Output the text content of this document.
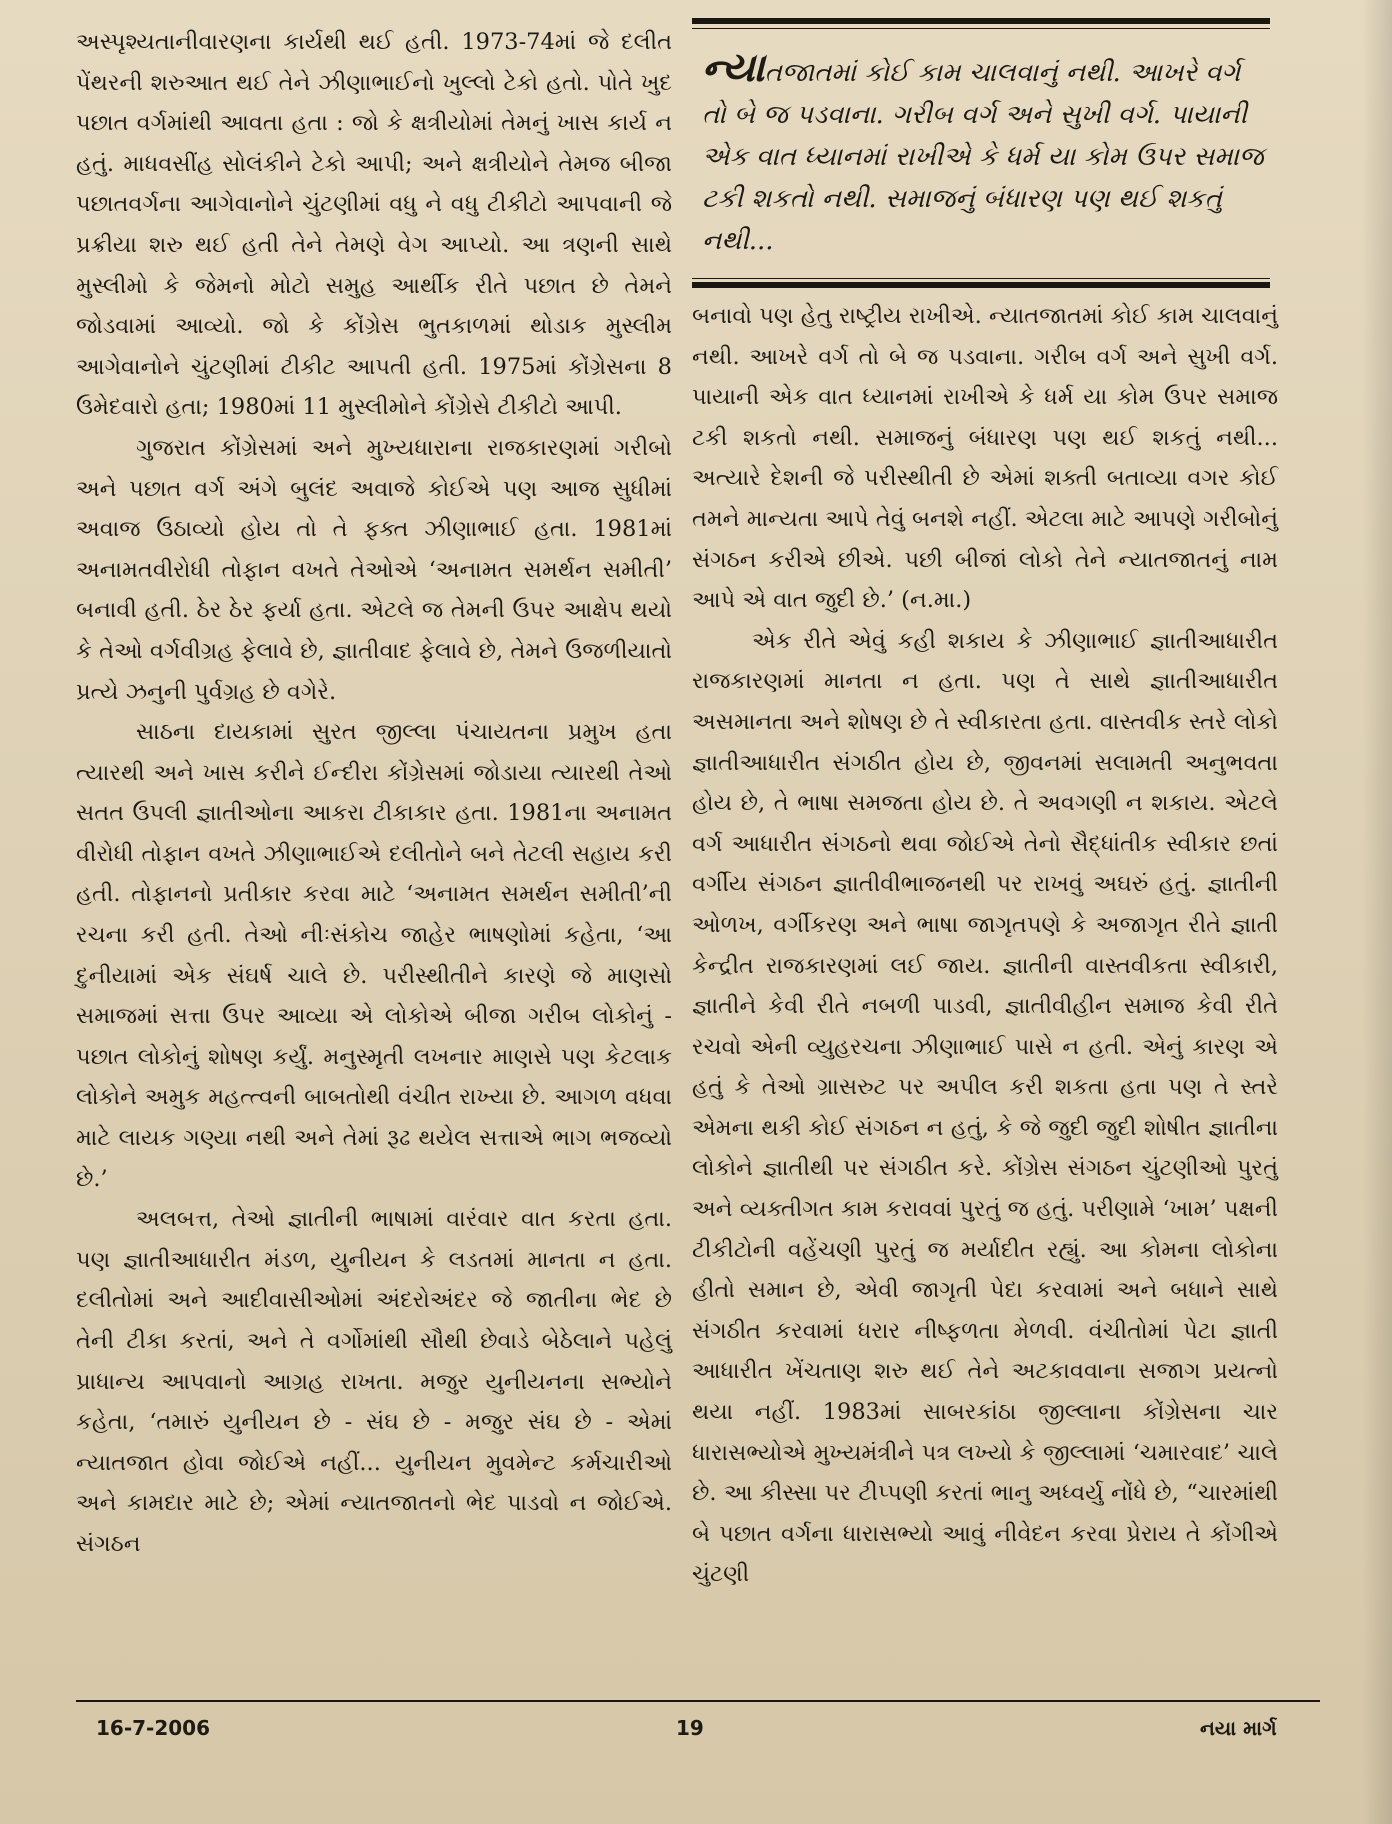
અસ્પૃશ્યતાનીવારણના કાર્યથી થઈ હતી. 1973-74માં જે દલીત પેંથરની શરુઆત થઈ તેને ઝીણાભાઈનો ખુલ્લો ટેકો હતો. પોતે ખુદ પછાત વર્ગમાંથી આવતા હતા : જો કે ક્ષત્રીયોમાં તેમનું ખાસ કાર્ય ન હતું. માધવસીંહ સોલંકીને ટેકો આપી; અને ક્ષત્રીયોને તેમજ બીજા પછાતવર્ગના આગેવાનોને ચુંટણીમાં વધુ ને વધુ ટીકીટો આપવાની જે પ્રક્રીયા શરુ થઈ હતી તેને તેમણે વેગ આપ્યો. આ ત્રણની સાથે મુસ્લીમો કે જેમનો મોટો સમુહ આર્થીક રીતે પછાત છે તેમને જોડવામાં આવ્યો. જો કે કોંગ્રેસ ભુતકાળમાં થોડાક મુસ્લીમ આગેવાનોને ચુંટણીમાં ટીકીટ આપતી હતી. 1975માં કોંગ્રેસના 8 ઉમેદવારો હતા; 1980માં 11 મુસ્લીમોને કોંગ્રેસે ટીકીટો આપી.

ગુજરાત કોંગ્રેસમાં અને મુખ્યધારાના રાજકારણમાં ગરીબો અને પછાત વર્ગ અંગે બુલંદ અવાજે કોઈએ પણ આજ સુધીમાં અવાજ ઉઠાવ્યો હોય તો તે ફક્ત ઝીણાભાઈ હતા. 1981માં અનામતવીરોધી તોફાન વખતે તેઓએ ‘અનામત સમર્થન સમીતી’ બનાવી હતી. ઠેર ઠેર ફર્યા હતા. એટલે જ તેમની ઉપર આક્ષેપ થયો કે તેઓ વર્ગવીગ્રહ ફેલાવે છે, જ્ઞાતીવાદ ફેલાવે છે, તેમને ઉજળીયાતો પ્રત્યે ઝનુની પુર્વગ્રહ છે વગેરે.

સાઠના દાયકામાં સુરત જીલ્લા પંચાયતના પ્રમુખ હતા ત્યારથી અને ખાસ કરીને ઈન્દીરા કોંગ્રેસમાં જોડાયા ત્યારથી તેઓ સતત ઉપલી જ્ઞાતીઓના આકરા ટીકાકાર હતા. 1981ના અનામત વીરોધી તોફાન વખતે ઝીણાભાઈએ દલીતોને બને તેટલી સહાય કરી હતી. તોફાનનો પ્રતીકાર કરવા માટે ‘અનામત સમર્થન સમીતી’ની રચના કરી હતી. તેઓ નીઃસંકોચ જાહેર ભાષણોમાં કહેતા, ‘આ દુનીયામાં એક સંઘર્ષ ચાલે છે. પરીસ્થીતીને કારણે જે માણસો સમાજમાં સત્તા ઉપર આવ્યા એ લોકોએ બીજા ગરીબ લોકોનું - પછાત લોકોનું શોષણ કર્યું. મનુસ્મૃતી લખનાર માણસે પણ કેટલાક લોકોને અમુક મહત્ત્વની બાબતોથી વંચીત રાખ્યા છે. આગળ વધવા માટે લાયક ગણ્યા નથી અને તેમાં રૂઢ થયેલ સત્તાએ ભાગ ભજવ્યો છે.’

અલબત્ત, તેઓ જ્ઞાતીની ભાષામાં વારંવાર વાત કરતા હતા. પણ જ્ઞાતીઆધારીત મંડળ, યુનીયન કે લડતમાં માનતા ન હતા. દલીતોમાં અને આદીવાસીઓમાં અંદરોઅંદર જે જાતીના ભેદ છે તેની ટીકા કરતાં, અને તે વર્ગોમાંથી સૌથી છેવાડે બેઠેલાને પહેલું પ્રાધાન્ય આપવાનો આગ્રહ રાખતા. મજુર યુનીયનના સભ્યોને કહેતા, ‘તમારું યુનીયન છે - સંઘ છે - મજુર સંઘ છે - એમાં ન્યાતજાત હોવા જોઈએ નહીં... યુનીયન મુવમેન્ટ કર્મચારીઓ અને કામદાર માટે છે; એમાં ન્યાતજાતનો ભેદ પાડવો ન જોઈએ. સંગઠન

ન્યાતજાતમાં કોઈ કામ ચાલવાનું નથી. આખરે વર્ગ તો બે જ પડવાના. ગરીબ વર્ગ અને સુખી વર્ગ. પાયાની એક વાત ધ્યાનમાં રાખીએ કે ધર્મ યા કોમ ઉપર સમાજ ટકી શકતો નથી. સમાજનું બંધારણ પણ થઈ શકતું નથી...

બનાવો પણ હેતુ રાષ્ટ્રીય રાખીએ. ન્યાતજાતમાં કોઈ કામ ચાલવાનું નથી. આખરે વર્ગ તો બે જ પડવાના. ગરીબ વર્ગ અને સુખી વર્ગ. પાયાની એક વાત ધ્યાનમાં રાખીએ કે ધર્મ યા કોમ ઉપર સમાજ ટકી શકતો નથી. સમાજનું બંધારણ પણ થઈ શકતું નથી... અત્યારે દેશની જે પરીસ્થીતી છે એમાં શક્તી બતાવ્યા વગર કોઈ તમને માન્યતા આપે તેવું બનશે નહીં. એટલા માટે આપણે ગરીબોનું સંગઠન કરીએ છીએ. પછી બીજાં લોકો તેને ન્યાતજાતનું નામ આપે એ વાત જુદી છે.’ (ન.મા.)

એક રીતે એવું કહી શકાય કે ઝીણાભાઈ જ્ઞાતીઆધારીત રાજકારણમાં માનતા ન હતા. પણ તે સાથે જ્ઞાતીઆધારીત અસમાનતા અને શોષણ છે તે સ્વીકારતા હતા. વાસ્તવીક સ્તરે લોકો જ્ઞાતીઆધારીત સંગઠીત હોય છે, જીવનમાં સલામતી અનુભવતા હોય છે, તે ભાષા સમજતા હોય છે. તે અવગણી ન શકાય. એટલે વર્ગ આધારીત સંગઠનો થવા જોઈએ તેનો સૈદ્ધાંતીક સ્વીકાર છતાં વર્ગીય સંગઠન જ્ઞાતીવીભાજનથી પર રાખવું અઘરું હતું. જ્ઞાતીની ઓળખ, વર્ગીકરણ અને ભાષા જાગૃતપણે કે અજાગૃત રીતે જ્ઞાતી કેન્દ્રીત રાજકારણમાં લઈ જાય. જ્ઞાતીની વાસ્તવીકતા સ્વીકારી, જ્ઞાતીને કેવી રીતે નબળી પાડવી, જ્ઞાતીવીહીન સમાજ કેવી રીતે રચવો એની વ્યુહરચના ઝીણાભાઈ પાસે ન હતી. એનું કારણ એ હતું કે તેઓ ગ્રાસરુટ પર અપીલ કરી શકતા હતા પણ તે સ્તરે એમના થકી કોઈ સંગઠન ન હતું, કે જે જુદી જુદી શોષીત જ્ઞાતીના લોકોને જ્ઞાતીથી પર સંગઠીત કરે. કોંગ્રેસ સંગઠન ચુંટણીઓ પુરતું અને વ્યક્તીગત કામ કરાવવાં પુરતું જ હતું. પરીણામે ‘ખામ’ પક્ષની ટીકીટોની વહેંચણી પુરતું જ મર્યાદીત રહ્યું. આ કોમના લોકોના હીતો સમાન છે, એવી જાગૃતી પેદા કરવામાં અને બધાને સાથે સંગઠીત કરવામાં ધરાર નીષ્ફળતા મેળવી. વંચીતોમાં પેટા જ્ઞાતી આધારીત ખેંચતાણ શરુ થઈ તેને અટકાવવાના સજાગ પ્રયત્નો થયા નહીં. 1983માં સાબરકાંઠા જીલ્લાના કોંગ્રેસના ચાર ધારાસભ્યોએ મુખ્યમંત્રીને પત્ર લખ્યો કે જીલ્લામાં ‘ચમારવાદ’ ચાલે છે. આ કીસ્સા પર ટીપ્પણી કરતાં ભાનુ અધ્વર્યુ નોંધે છે, “ચારમાંથી બે પછાત વર્ગના ધારાસભ્યો આવું નીવેદન કરવા પ્રેરાય તે કોંગીએ ચુંટણી

16-7-2006	19	નયા માર્ગ
